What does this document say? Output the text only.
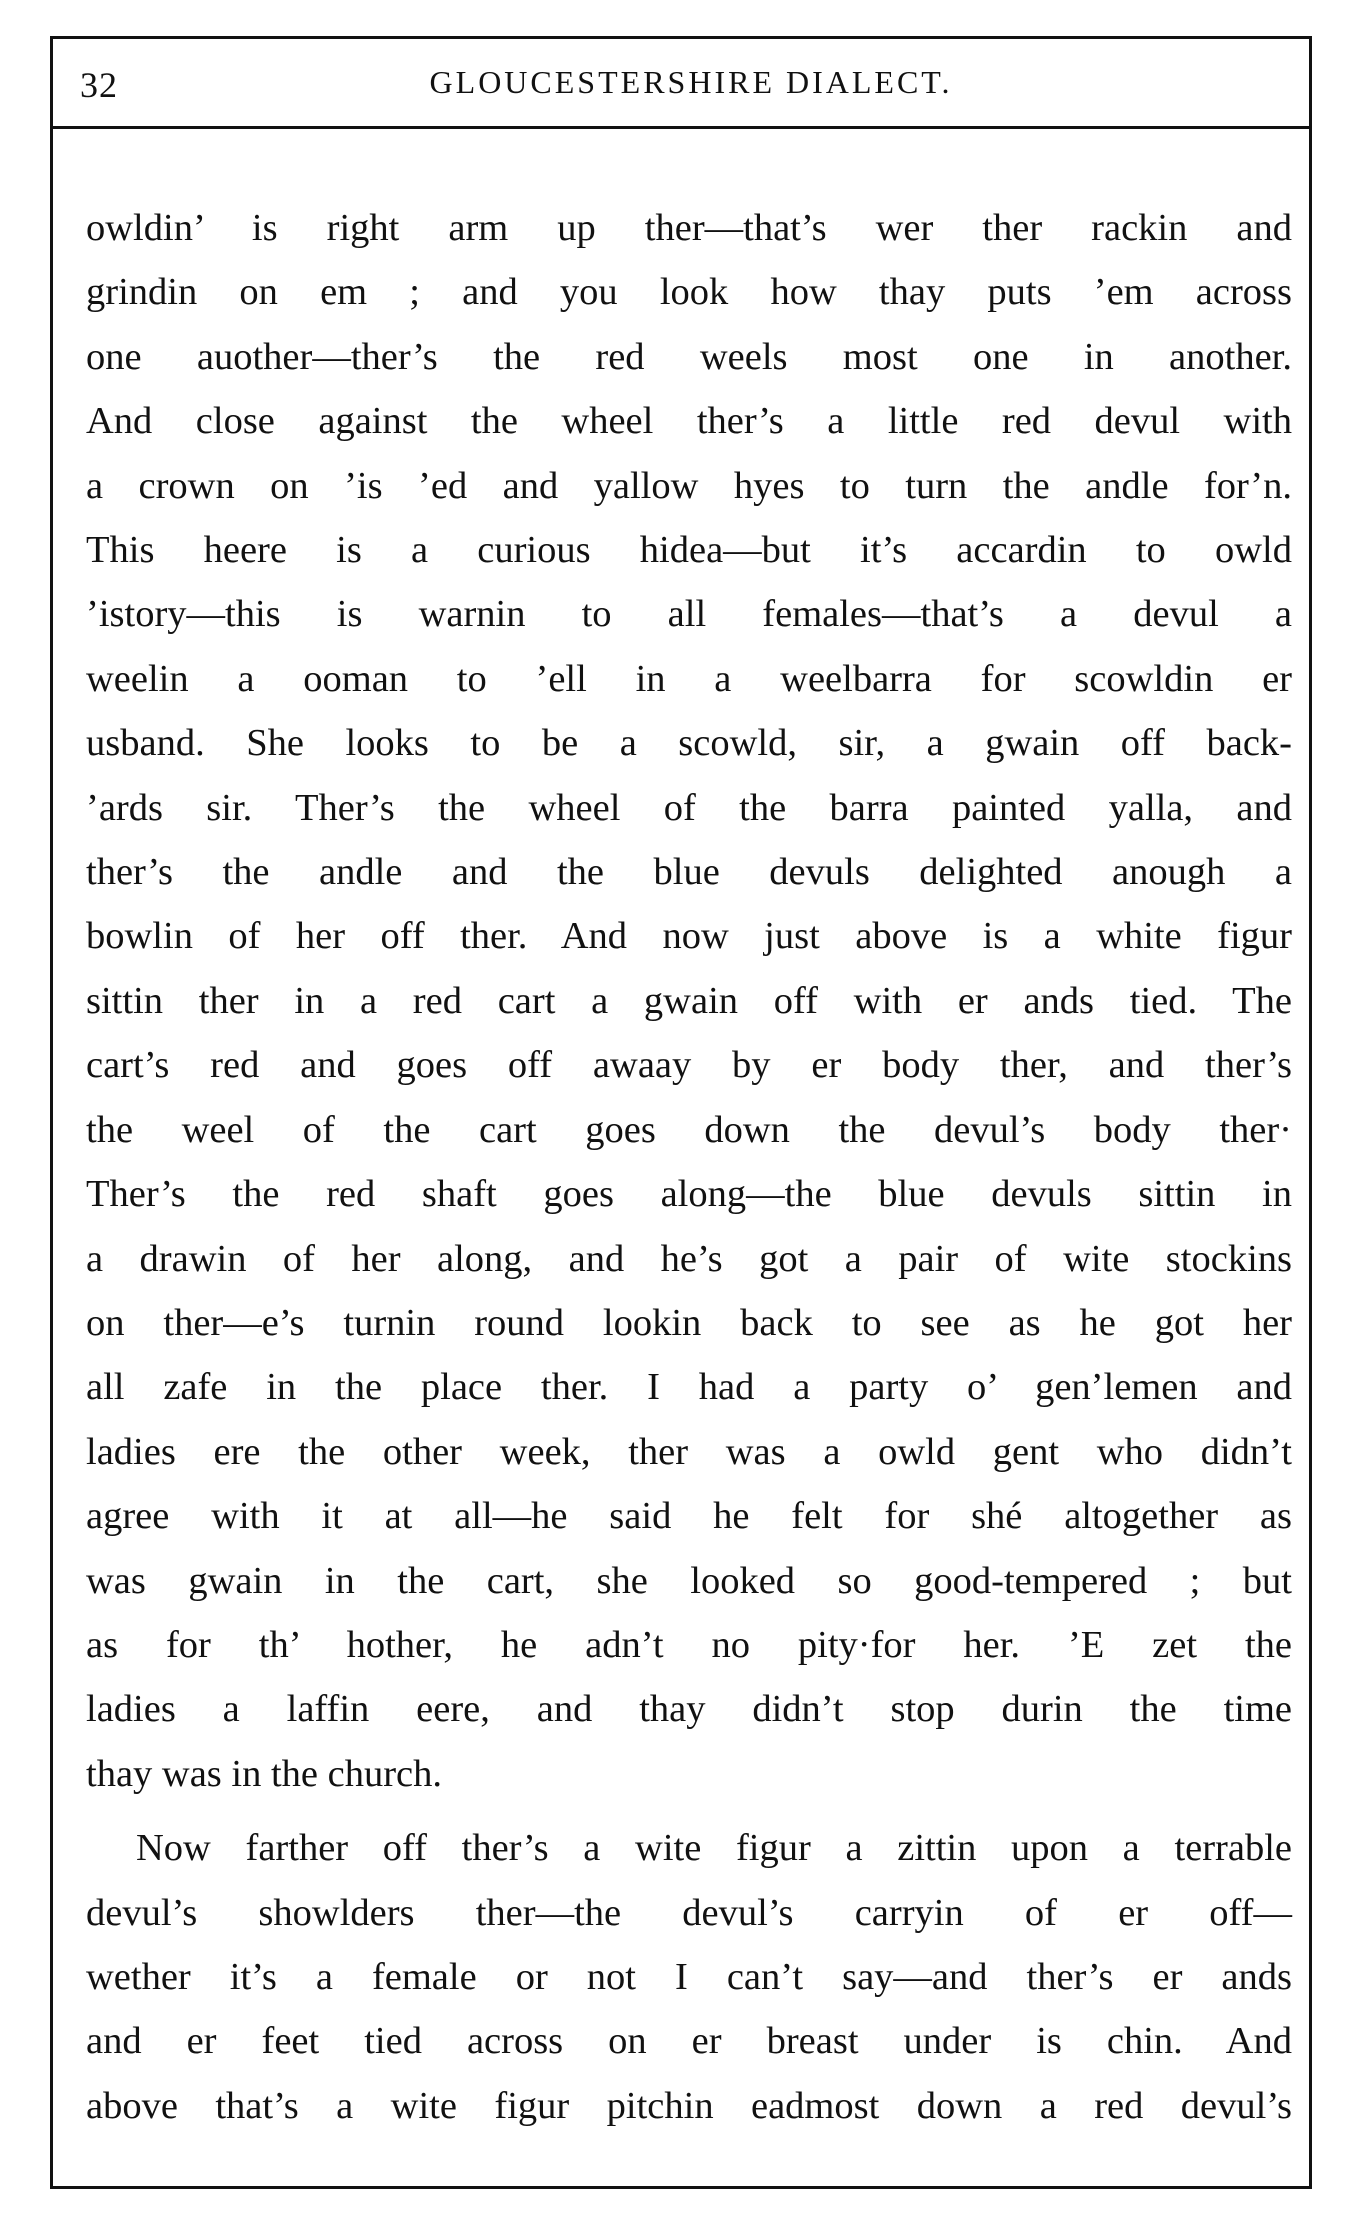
32	GLOUCESTERSHIRE DIALECT.
owldin’ is right arm up ther—that’s wer ther rackin and
grindin on em ; and you look how thay puts ’em across
one auother—ther’s the red weels most one in another.
And close against the wheel ther’s a little red devul with
a crown on ’is ’ed and yallow hyes to turn the andle for’n.
This heere is a curious hidea—but it’s accardin to owld
’istory—this is warnin to all females—that’s a devul a
weelin a ooman to ’ell in a weelbarra for scowldin er
usband. She looks to be a scowld, sir, a gwain off back-
’ards sir. Ther’s the wheel of the barra painted yalla, and
ther’s the andle and the blue devuls delighted anough a
bowlin of her off ther. And now just above is a white figur
sittin ther in a red cart a gwain off with er ands tied. The
cart’s red and goes off awaay by er body ther, and ther’s
the weel of the cart goes down the devul’s body ther·
Ther’s the red shaft goes along—the blue devuls sittin in
a drawin of her along, and he’s got a pair of wite stockins
on ther—e’s turnin round lookin back to see as he got her
all zafe in the place ther. I had a party o’ gen’lemen and
ladies ere the other week, ther was a owld gent who didn’t
agree with it at all—he said he felt for shé altogether as
was gwain in the cart, she looked so good-tempered ; but
as for th’ hother, he adn’t no pity·for her. ’E zet the
ladies a laffin eere, and thay didn’t stop durin the time
thay was in the church.
Now farther off ther’s a wite figur a zittin upon a terrable
devul’s showlders ther—the devul’s carryin of er off—
wether it’s a female or not I can’t say—and ther’s er ands
and er feet tied across on er breast under is chin. And
above that’s a wite figur pitchin eadmost down a red devul’s
